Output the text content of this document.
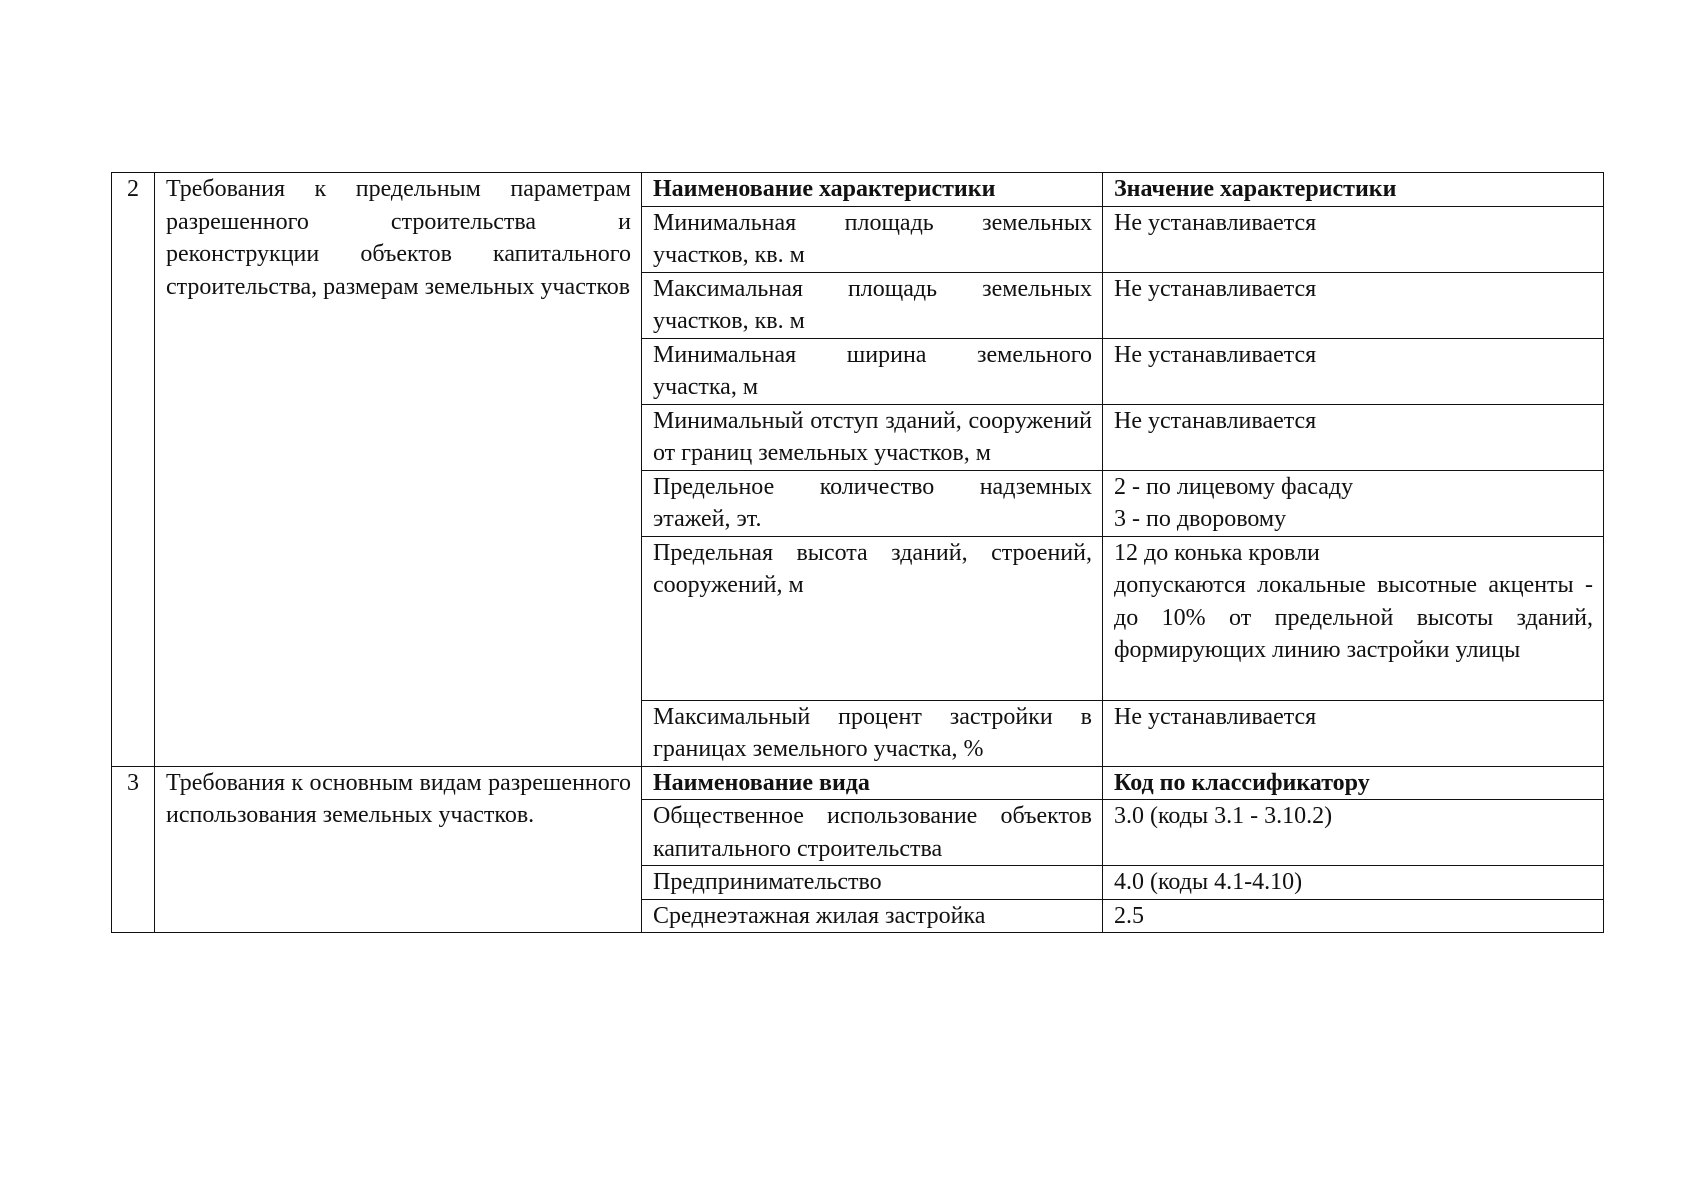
2	Требования к предельным параметрам разрешенного строительства и реконструкции объектов капитального строительства, размерам земельных участков	Наименование характеристики	Значение характеристики
		Минимальная площадь земельных участков, кв. м	Не устанавливается
		Максимальная площадь земельных участков, кв. м	Не устанавливается
		Минимальная ширина земельного участка, м	Не устанавливается
		Минимальный отступ зданий, сооружений от границ земельных участков, м	Не устанавливается
		Предельное количество надземных этажей, эт.	2 - по лицевому фасаду
3 - по дворовому

		Предельная высота зданий, строений, сооружений, м	12 до конька кровли
допускаются локальные высотные акценты - до 10% от предельной высоты зданий, формирующих линию застройки улицы

		Максимальный процент застройки в границах земельного участка, %	Не устанавливается
3	Требования к основным видам разрешенного использования земельных участков.	Наименование вида	Код по классификатору
		Общественное использование объектов капитального строительства	3.0 (коды 3.1 - 3.10.2)
		Предпринимательство	4.0 (коды 4.1-4.10)
		Среднеэтажная жилая застройка	2.5
